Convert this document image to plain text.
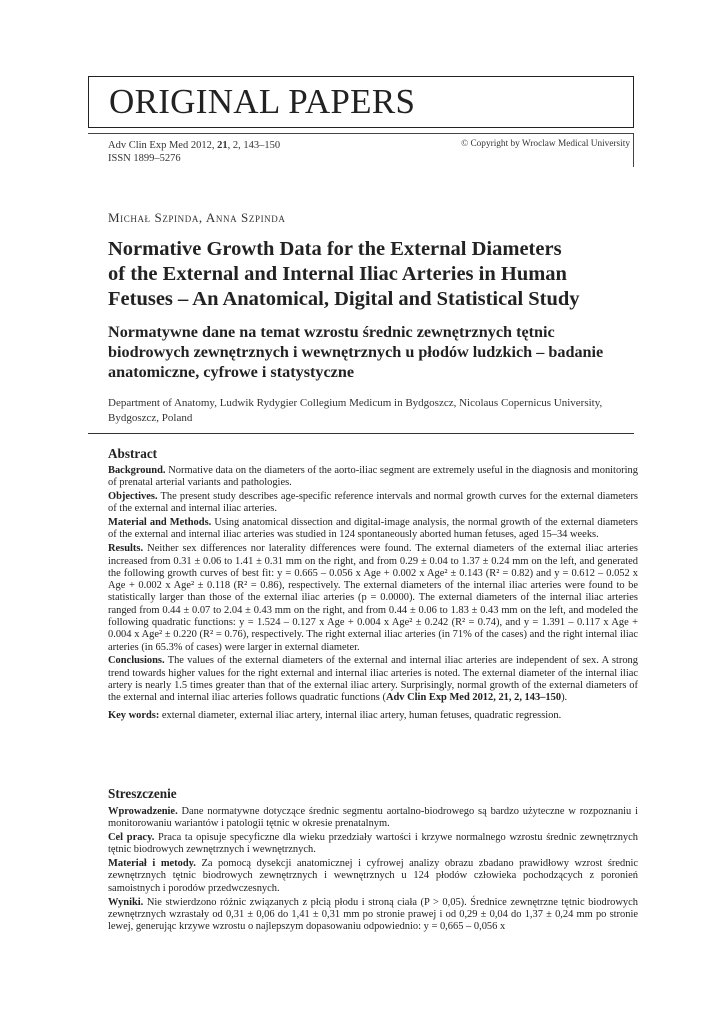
ORIGINAL PAPERS
Adv Clin Exp Med 2012, 21, 2, 143–150
ISSN 1899–5276
© Copyright by Wroclaw Medical University
Michał Szpinda, Anna Szpinda
Normative Growth Data for the External Diameters
of the External and Internal Iliac Arteries in Human
Fetuses – An Anatomical, Digital and Statistical Study
Normatywne dane na temat wzrostu średnic zewnętrznych tętnic
biodrowych zewnętrznych i wewnętrznych u płodów ludzkich – badanie
anatomiczne, cyfrowe i statystyczne
Department of Anatomy, Ludwik Rydygier Collegium Medicum in Bydgoszcz, Nicolaus Copernicus University,
Bydgoszcz, Poland
Abstract

Background. Normative data on the diameters of the aorto-iliac segment are extremely useful in the diagnosis and monitoring of prenatal arterial variants and pathologies.

Objectives. The present study describes age-specific reference intervals and normal growth curves for the external diameters of the external and internal iliac arteries.

Material and Methods. Using anatomical dissection and digital-image analysis, the normal growth of the external diameters of the external and internal iliac arteries was studied in 124 spontaneously aborted human fetuses, aged 15–34 weeks.

Results. Neither sex differences nor laterality differences were found. The external diameters of the external iliac arteries increased from 0.31 ± 0.06 to 1.41 ± 0.31 mm on the right, and from 0.29 ± 0.04 to 1.37 ± 0.24 mm on the left, and generated the following growth curves of best fit: y = 0.665 – 0.056 x Age + 0.002 x Age² ± 0.143 (R² = 0.82) and y = 0.612 – 0.052 x Age + 0.002 x Age² ± 0.118 (R² = 0.86), respectively. The external diameters of the internal iliac arteries were found to be statistically larger than those of the external iliac arteries (p = 0.0000). The external diameters of the internal iliac arteries ranged from 0.44 ± 0.07 to 2.04 ± 0.43 mm on the right, and from 0.44 ± 0.06 to 1.83 ± 0.43 mm on the left, and modeled the following quadratic functions: y = 1.524 – 0.127 x Age + 0.004 x Age² ± 0.242 (R² = 0.74), and y = 1.391 – 0.117 x Age + 0.004 x Age² ± 0.220 (R² = 0.76), respectively. The right external iliac arteries (in 71% of the cases) and the right internal iliac arteries (in 65.3% of cases) were larger in external diameter.

Conclusions. The values of the external diameters of the external and internal iliac arteries are independent of sex. A strong trend towards higher values for the right external and internal iliac arteries is noted. The external diameter of the internal iliac artery is nearly 1.5 times greater than that of the external iliac artery. Surprisingly, normal growth of the external diameters of the external and internal iliac arteries follows quadratic functions (Adv Clin Exp Med 2012, 21, 2, 143–150).

Key words: external diameter, external iliac artery, internal iliac artery, human fetuses, quadratic regression.

Streszczenie

Wprowadzenie. Dane normatywne dotyczące średnic segmentu aortalno-biodrowego są bardzo użyteczne w rozpoznaniu i monitorowaniu wariantów i patologii tętnic w okresie prenatalnym.

Cel pracy. Praca ta opisuje specyficzne dla wieku przedziały wartości i krzywe normalnego wzrostu średnic zewnętrznych tętnic biodrowych zewnętrznych i wewnętrznych.

Materiał i metody. Za pomocą dysekcji anatomicznej i cyfrowej analizy obrazu zbadano prawidłowy wzrost średnic zewnętrznych tętnic biodrowych zewnętrznych i wewnętrznych u 124 płodów człowieka pochodzących z poronień samoistnych i porodów przedwczesnych.

Wyniki. Nie stwierdzono różnic związanych z płcią płodu i stroną ciała (P > 0,05). Średnice zewnętrzne tętnic biodrowych zewnętrznych wzrastały od 0,31 ± 0,06 do 1,41 ± 0,31 mm po stronie prawej i od 0,29 ± 0,04 do 1,37 ± 0,24 mm po stronie lewej, generując krzywe wzrostu o najlepszym dopasowaniu odpowiednio: y = 0,665 – 0,056 x
